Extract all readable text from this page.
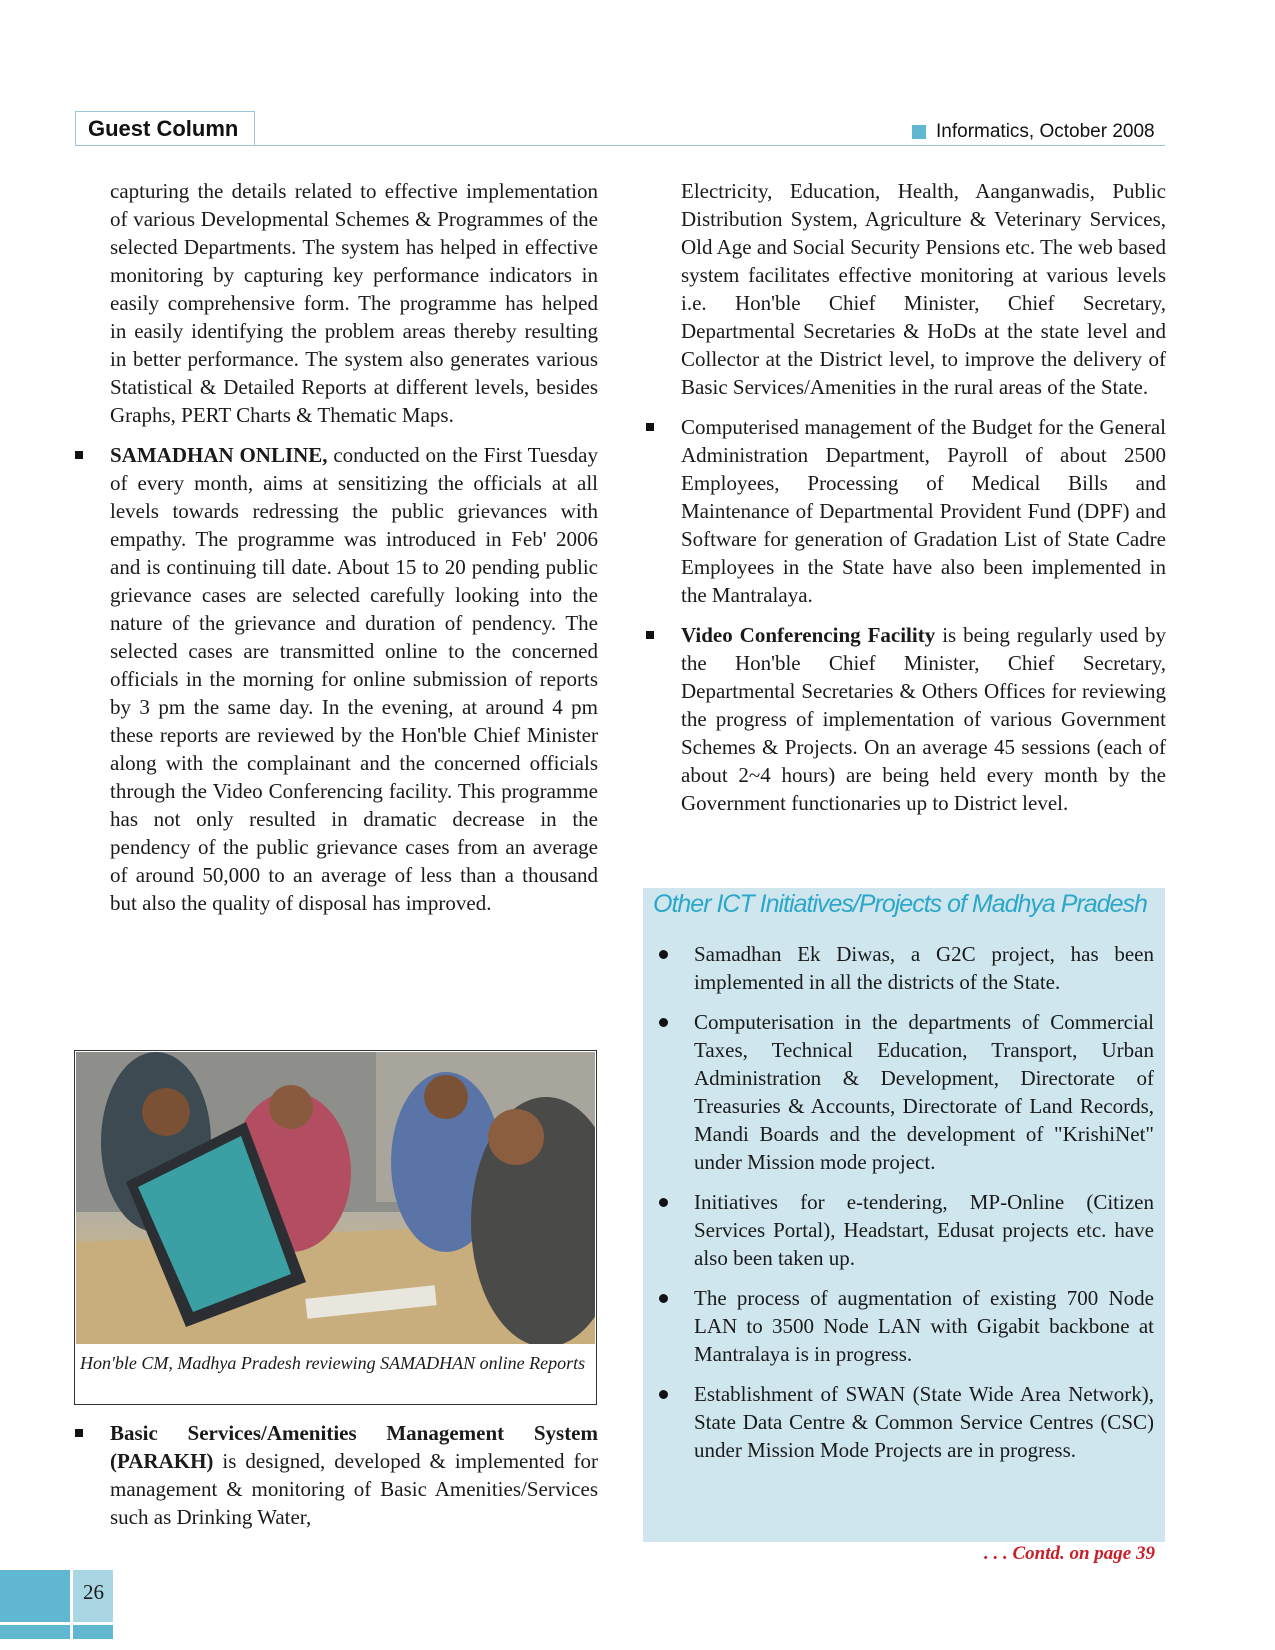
Guest Column	Informatics, October 2008

capturing the details related to effective implementation of various Developmental Schemes & Programmes of the selected Departments. The system has helped in effective monitoring by capturing key performance indicators in easily comprehensive form. The programme has helped in easily identifying the problem areas thereby resulting in better performance. The system also generates various Statistical & Detailed Reports at different levels, besides Graphs, PERT Charts & Thematic Maps.

SAMADHAN ONLINE, conducted on the First Tuesday of every month, aims at sensitizing the officials at all levels towards redressing the public grievances with empathy. The programme was introduced in Feb' 2006 and is continuing till date. About 15 to 20 pending public grievance cases are selected carefully looking into the nature of the grievance and duration of pendency. The selected cases are transmitted online to the concerned officials in the morning for online submission of reports by 3 pm the same day. In the evening, at around 4 pm these reports are reviewed by the Hon'ble Chief Minister along with the complainant and the concerned officials through the Video Conferencing facility. This programme has not only resulted in dramatic decrease in the pendency of the public grievance cases from an average of around 50,000 to an average of less than a thousand but also the quality of disposal has improved.

Hon'ble CM, Madhya Pradesh reviewing SAMADHAN online Reports

Basic Services/Amenities Management System (PARAKH) is designed, developed & implemented for management & monitoring of Basic Amenities/Services such as Drinking Water,

Electricity, Education, Health, Aanganwadis, Public Distribution System, Agriculture & Veterinary Services, Old Age and Social Security Pensions etc. The web based system facilitates effective monitoring at various levels i.e. Hon'ble Chief Minister, Chief Secretary, Departmental Secretaries & HoDs at the state level and Collector at the District level, to improve the delivery of Basic Services/Amenities in the rural areas of the State.

Computerised management of the Budget for the General Administration Department, Payroll of about 2500 Employees, Processing of Medical Bills and Maintenance of Departmental Provident Fund (DPF) and Software for generation of Gradation List of State Cadre Employees in the State have also been implemented in the Mantralaya.

Video Conferencing Facility is being regularly used by the Hon'ble Chief Minister, Chief Secretary, Departmental Secretaries & Others Offices for reviewing the progress of implementation of various Government Schemes & Projects. On an average 45 sessions (each of about 2~4 hours) are being held every month by the Government functionaries up to District level.

Other ICT Initiatives/Projects of Madhya Pradesh

Samadhan Ek Diwas, a G2C project, has been implemented in all the districts of the State.

Computerisation in the departments of Commercial Taxes, Technical Education, Transport, Urban Administration & Development, Directorate of Treasuries & Accounts, Directorate of Land Records, Mandi Boards and the development of "KrishiNet" under Mission mode project.

Initiatives for e-tendering, MP-Online (Citizen Services Portal), Headstart, Edusat projects etc. have also been taken up.

The process of augmentation of existing 700 Node LAN to 3500 Node LAN with Gigabit backbone at Mantralaya is in progress.

Establishment of SWAN (State Wide Area Network), State Data Centre & Common Service Centres (CSC) under Mission Mode Projects are in progress.

. . . Contd. on page 39
26
